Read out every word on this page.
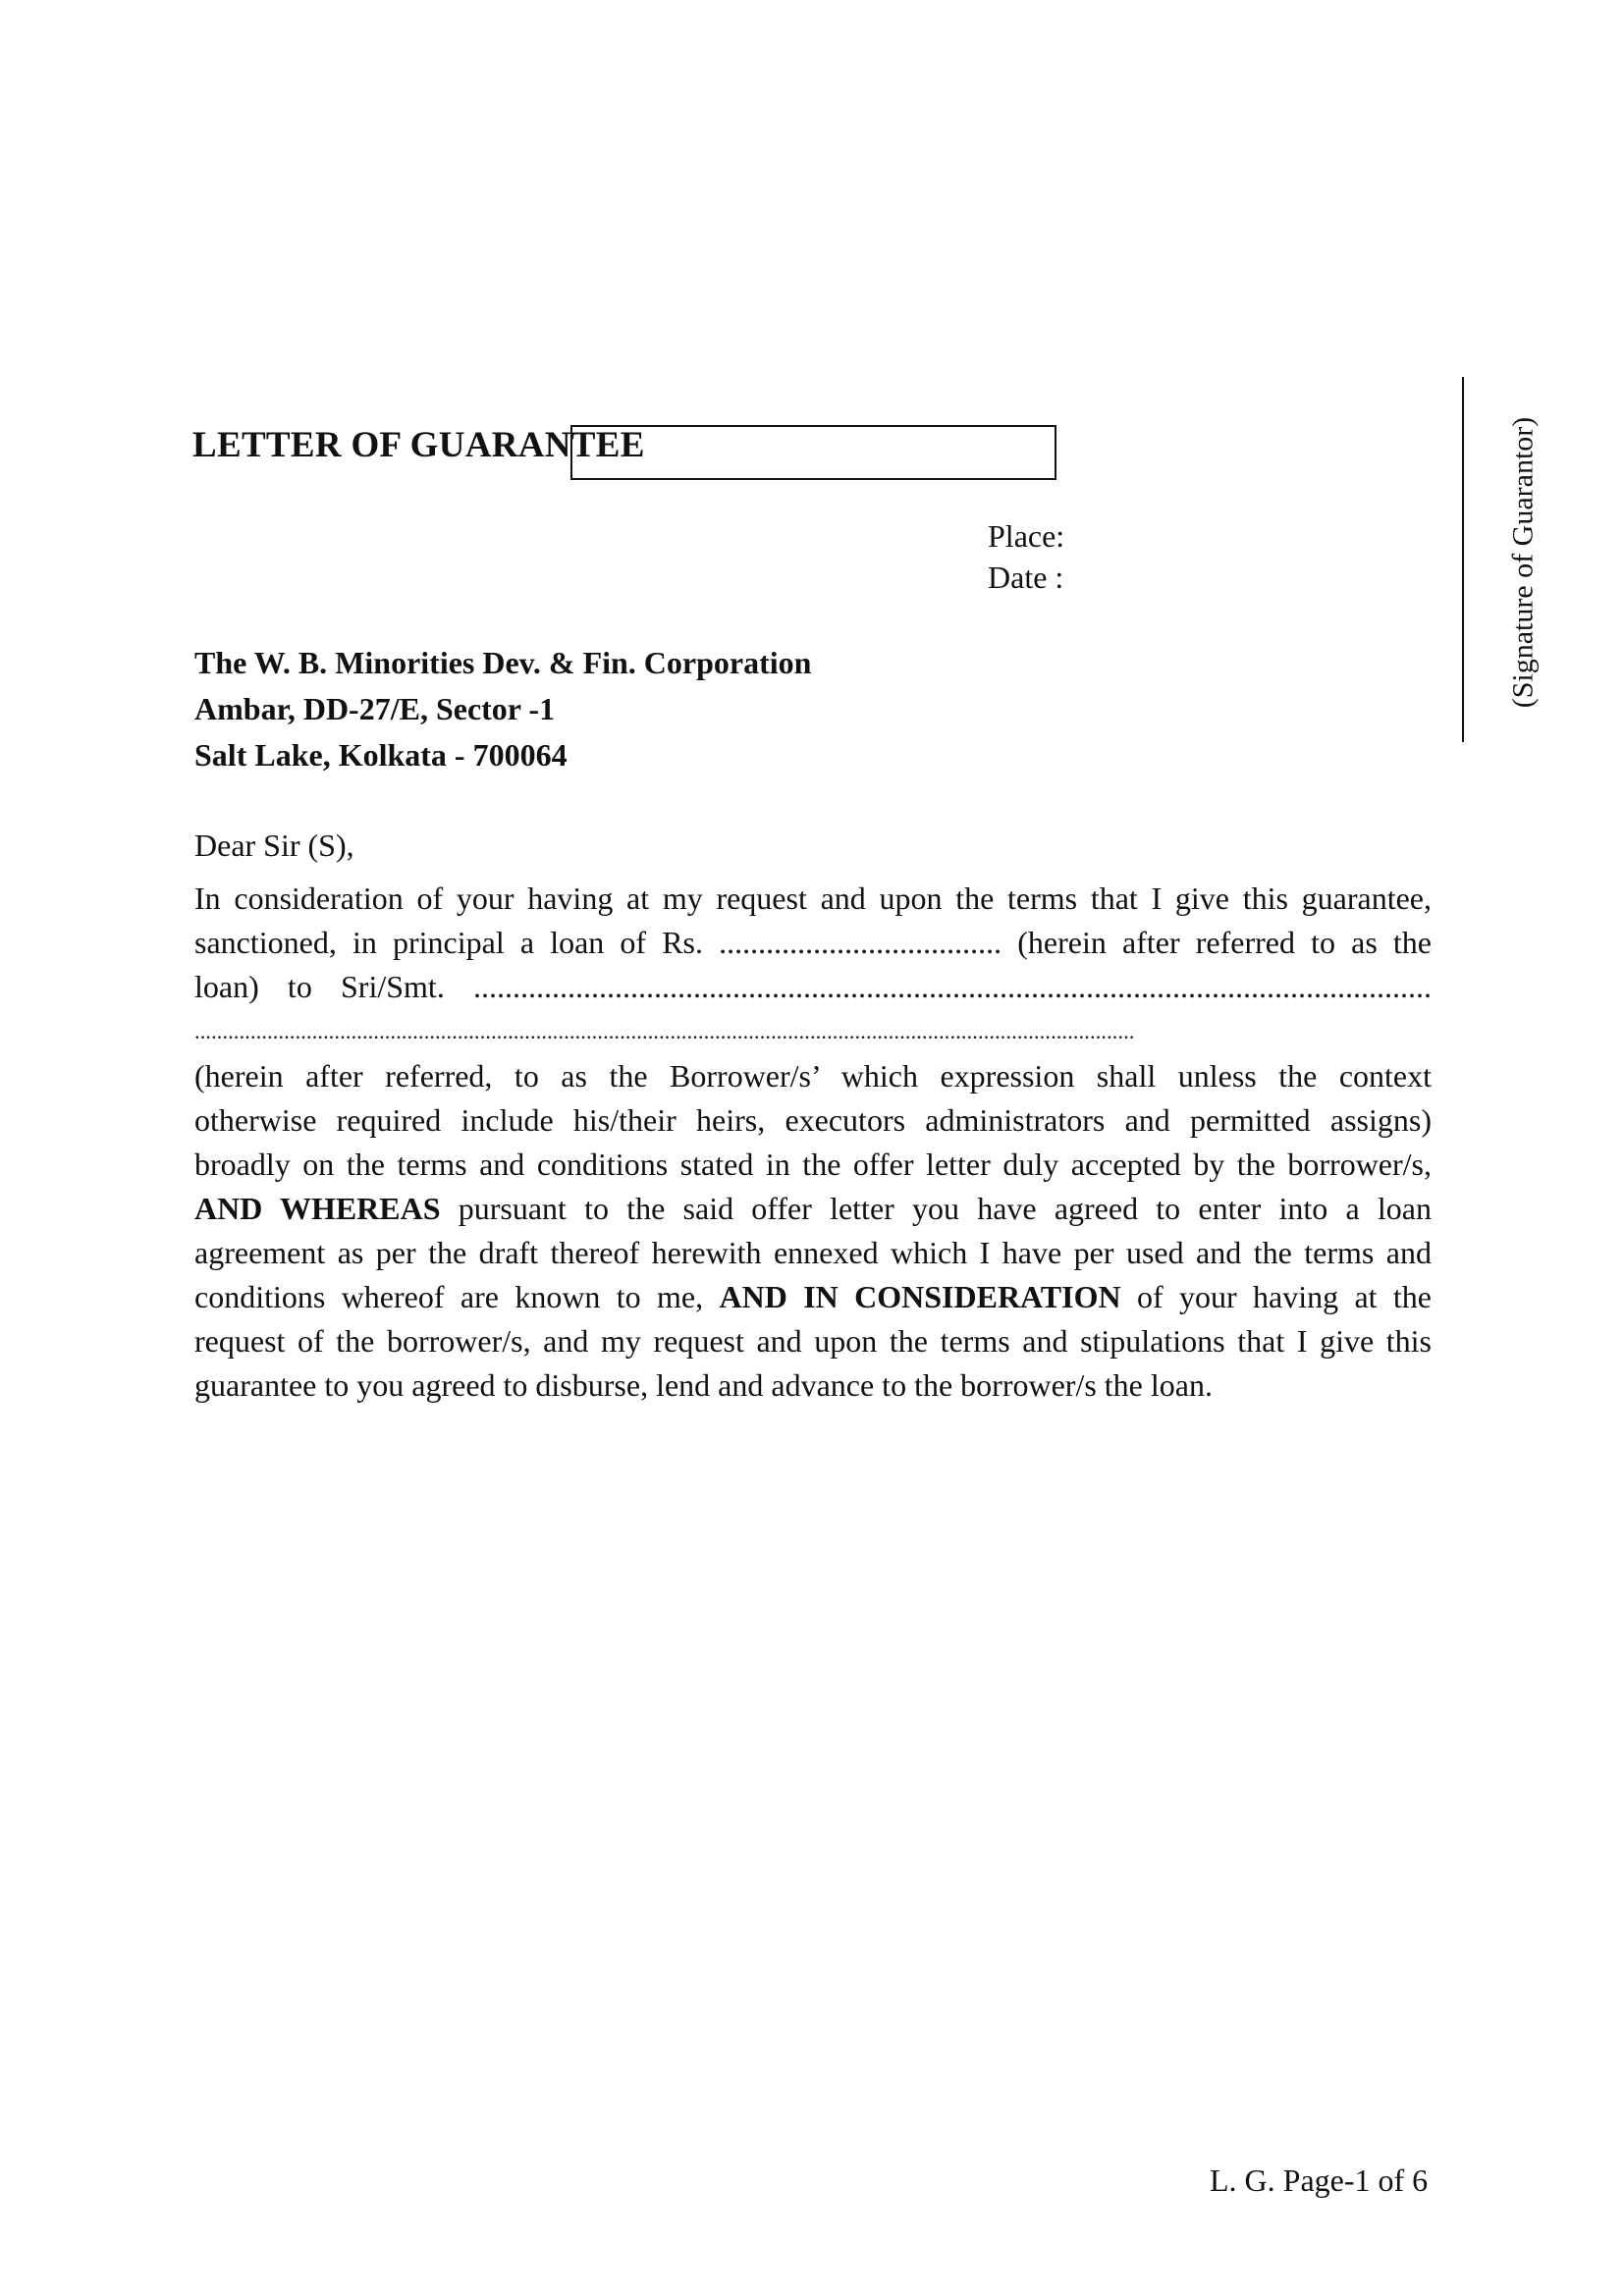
LETTER OF GUARANTEE
Place:
Date :	(Signature of Guarantor)
The W. B. Minorities Dev. & Fin. Corporation
Ambar, DD-27/E, Sector -1
Salt Lake, Kolkata - 700064
Dear Sir (S),

In consideration of your having at my request and upon the terms that I give this guarantee,
sanctioned, in principal a loan of Rs. .................................... (herein after referred to as the
loan) to Sri/Smt. ..........................................................................................................................
........................................................................................................................................................................

(herein after referred, to as the Borrower/s’ which expression shall unless the context
otherwise required include his/their heirs, executors administrators and permitted assigns)
broadly on the terms and conditions stated in the offer letter duly accepted by the borrower/s,
AND WHEREAS pursuant to the said offer letter you have agreed to enter into a loan
agreement as per the draft thereof herewith ennexed which I have per used and the terms and
conditions whereof are known to me, AND IN CONSIDERATION of your having at the
request of the borrower/s, and my request and upon the terms and stipulations that I give this
guarantee to you agreed to disburse, lend and advance to the borrower/s the loan.

L. G. Page-1 of 6
